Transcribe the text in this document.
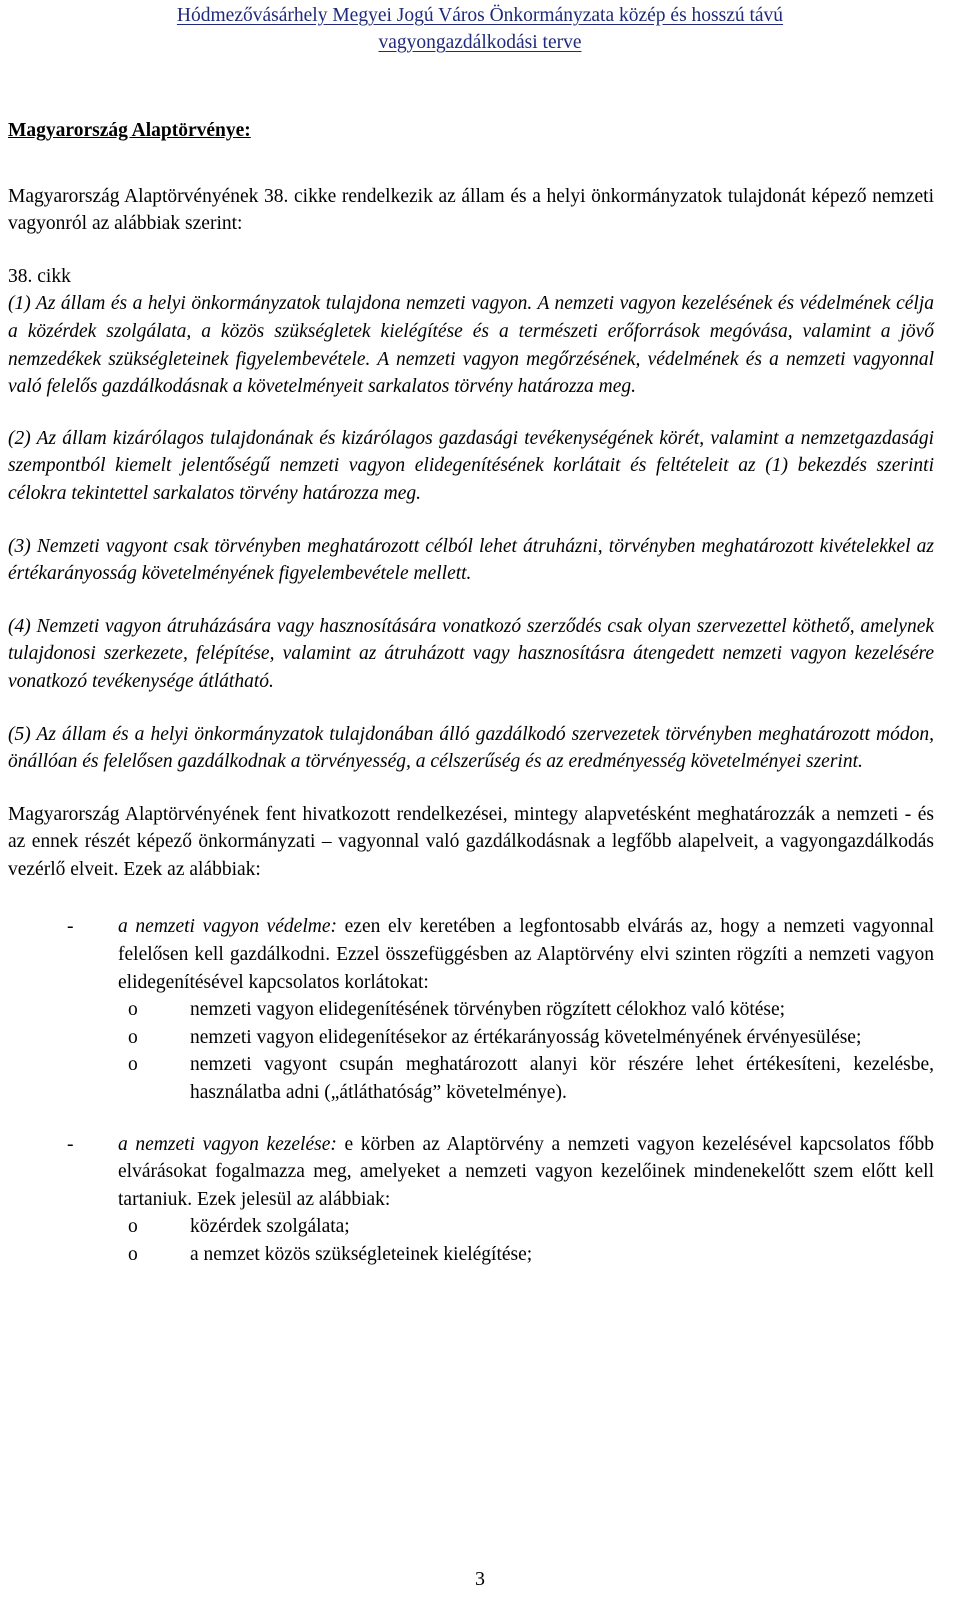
Hódmezővásárhely Megyei Jogú Város Önkormányzata közép és hosszú távú
vagyongazdálkodási terve

Magyarország Alaptörvénye:

Magyarország Alaptörvényének 38. cikke rendelkezik az állam és a helyi önkormányzatok tulajdonát képező nemzeti vagyonról az alábbiak szerint:

38. cikk

(1) Az állam és a helyi önkormányzatok tulajdona nemzeti vagyon. A nemzeti vagyon kezelésének és védelmének célja a közérdek szolgálata, a közös szükségletek kielégítése és a természeti erőforrások megóvása, valamint a jövő nemzedékek szükségleteinek figyelembevétele. A nemzeti vagyon megőrzésének, védelmének és a nemzeti vagyonnal való felelős gazdálkodásnak a követelményeit sarkalatos törvény határozza meg.

(2) Az állam kizárólagos tulajdonának és kizárólagos gazdasági tevékenységének körét, valamint a nemzetgazdasági szempontból kiemelt jelentőségű nemzeti vagyon elidegenítésének korlátait és feltételeit az (1) bekezdés szerinti célokra tekintettel sarkalatos törvény határozza meg.

(3) Nemzeti vagyont csak törvényben meghatározott célból lehet átruházni, törvényben meghatározott kivételekkel az értékarányosság követelményének figyelembevétele mellett.

(4) Nemzeti vagyon átruházására vagy hasznosítására vonatkozó szerződés csak olyan szervezettel köthető, amelynek tulajdonosi szerkezete, felépítése, valamint az átruházott vagy hasznosításra átengedett nemzeti vagyon kezelésére vonatkozó tevékenysége átlátható.

(5) Az állam és a helyi önkormányzatok tulajdonában álló gazdálkodó szervezetek törvényben meghatározott módon, önállóan és felelősen gazdálkodnak a törvényesség, a célszerűség és az eredményesség követelményei szerint.

Magyarország Alaptörvényének fent hivatkozott rendelkezései, mintegy alapvetésként meghatározzák a nemzeti - és az ennek részét képező önkormányzati – vagyonnal való gazdálkodásnak a legfőbb alapelveit, a vagyongazdálkodás vezérlő elveit. Ezek az alábbiak:

- a nemzeti vagyon védelme: ezen elv keretében a legfontosabb elvárás az, hogy a nemzeti vagyonnal felelősen kell gazdálkodni. Ezzel összefüggésben az Alaptörvény elvi szinten rögzíti a nemzeti vagyon elidegenítésével kapcsolatos korlátokat:
o	nemzeti vagyon elidegenítésének törvényben rögzített célokhoz való kötése;
o	nemzeti vagyon elidegenítésekor az értékarányosság követelményének érvényesülése;
o	nemzeti vagyont csupán meghatározott alanyi kör részére lehet értékesíteni, kezelésbe, használatba adni („átláthatóság” követelménye).
- a nemzeti vagyon kezelése: e körben az Alaptörvény a nemzeti vagyon kezelésével kapcsolatos főbb elvárásokat fogalmazza meg, amelyeket a nemzeti vagyon kezelőinek mindenekelőtt szem előtt kell tartaniuk. Ezek jelesül az alábbiak:
o	közérdek szolgálata;
o	a nemzet közös szükségleteinek kielégítése;
3
